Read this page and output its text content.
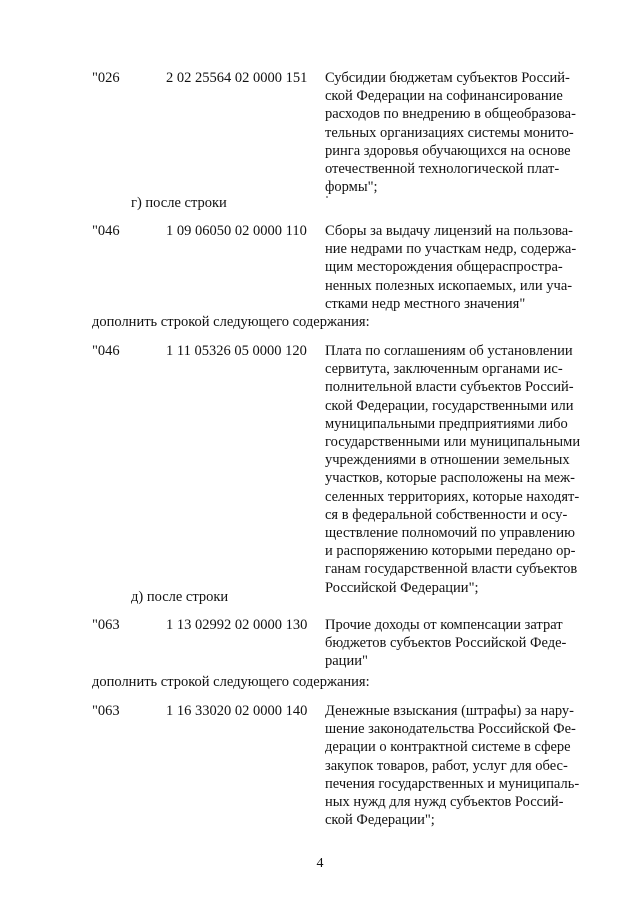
"026	2 02 25564 02 0000 151	Субсидии бюджетам субъектов Россий-
ской Федерации на софинансирование
расходов по внедрению в общеобразова-
тельных организациях системы монито-
ринга здоровья обучающихся на основе
отечественной технологической плат-
формы";
г) после строки
"046	1 09 06050 02 0000 110	Сборы за выдачу лицензий на пользова-
ние недрами по участкам недр, содержа-
щим месторождения общераспростра-
ненных полезных ископаемых, или уча-
стками недр местного значения"
дополнить строкой следующего содержания:
"046	1 11 05326 05 0000 120	Плата по соглашениям об установлении
сервитута, заключенным органами ис-
полнительной власти субъектов Россий-
ской Федерации, государственными или
муниципальными предприятиями либо
государственными или муниципальными
учреждениями в отношении земельных
участков, которые расположены на меж-
селенных территориях, которые находят-
ся в федеральной собственности и осу-
ществление полномочий по управлению
и распоряжению которыми передано ор-
ганам государственной власти субъектов
Российской Федерации";
д) после строки
"063	1 13 02992 02 0000 130	Прочие доходы от компенсации затрат
бюджетов субъектов Российской Феде-
рации"
дополнить строкой следующего содержания:
"063	1 16 33020 02 0000 140	Денежные взыскания (штрафы) за нару-
шение законодательства Российской Фе-
дерации о контрактной системе в сфере
закупок товаров, работ, услуг для обес-
печения государственных и муниципаль-
ных нужд для нужд субъектов Россий-
ской Федерации";
4
